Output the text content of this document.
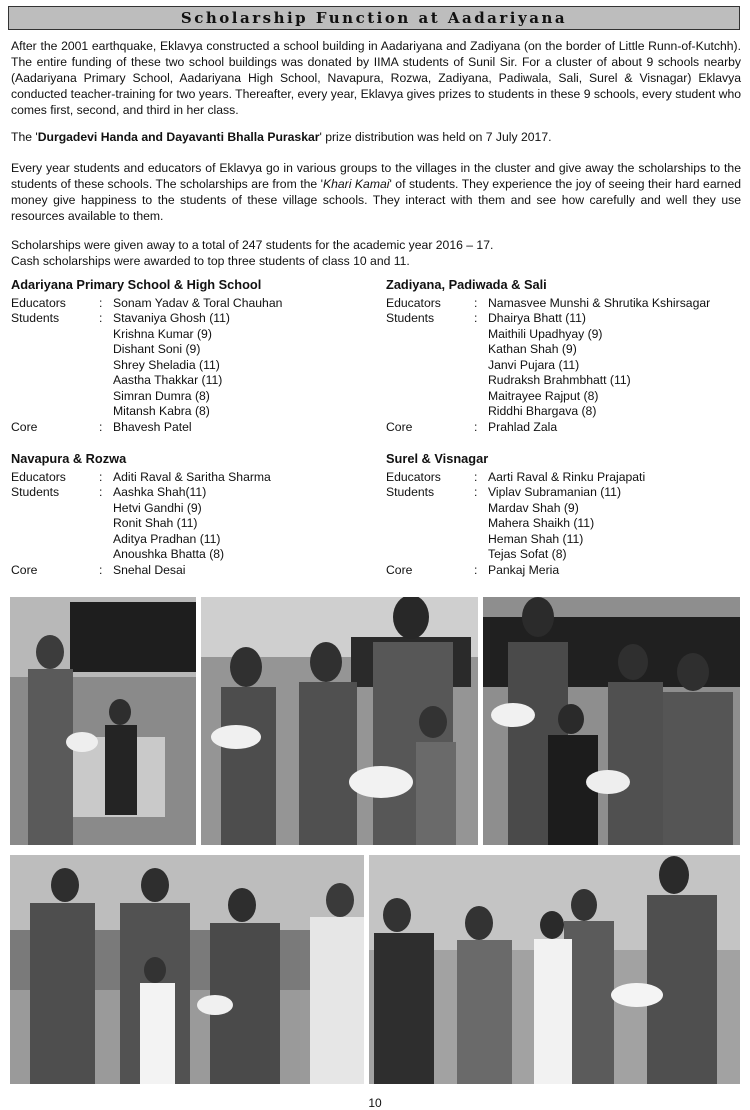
Scholarship Function at Aadariyana

After the 2001 earthquake, Eklavya constructed a school building in Aadariyana and Zadiyana (on the border of Little Runn-of-Kutchh). The entire funding of these two school buildings was donated by IIMA students of Sunil Sir. For a cluster of about 9 schools nearby (Aadariyana Primary School, Aadariyana High School, Navapura, Rozwa, Zadiyana, Padiwala, Sali, Surel & Visnagar) Eklavya conducted teacher-training for two years. Thereafter, every year, Eklavya gives prizes to students in these 9 schools, every student who comes first, second, and third in her class.

The 'Durgadevi Handa and Dayavanti Bhalla Puraskar' prize distribution was held on 7 July 2017.

Every year students and educators of Eklavya go in various groups to the villages in the cluster and give away the scholarships to the students of these schools. The scholarships are from the 'Khari Kamai' of students. They experience the joy of seeing their hard earned money give happiness to the students of these village schools. They interact with them and see how carefully and well they use resources available to them.

Scholarships were given away to a total of 247 students for the academic year 2016 – 17.
Cash scholarships were awarded to top three students of class 10 and 11.

Adariyana Primary School & High School
Educators	: Sonam Yadav & Toral Chauhan
Students	: Stavaniya Ghosh (11)
Krishna Kumar (9)
Dishant Soni (9)
Shrey Sheladia (11)
Aastha Thakkar (11)
Simran Dumra (8)
Mitansh Kabra (8)
Core	: Bhavesh Patel
Zadiyana, Padiwada & Sali
Educators	: Namasvee Munshi & Shrutika Kshirsagar
Students	: Dhairya Bhatt (11)
Maithili Upadhyay (9)
Kathan Shah (9)
Janvi Pujara (11)
Rudraksh Brahmbhatt (11)
Maitrayee Rajput (8)
Riddhi Bhargava (8)
Core	: Prahlad Zala
Navapura & Rozwa
Educators	: Aditi Raval & Saritha Sharma
Students	: Aashka Shah(11)
Hetvi Gandhi (9)
Ronit Shah (11)
Aditya Pradhan (11)
Anoushka Bhatta (8)
Core	: Snehal Desai
Surel & Visnagar
Educators	: Aarti Raval & Rinku Prajapati
Students	: Viplav Subramanian (11)
Mardav Shah (9)
Mahera Shaikh (11)
Heman Shah (11)
Tejas Sofat (8)
Core	: Pankaj Meria
10
